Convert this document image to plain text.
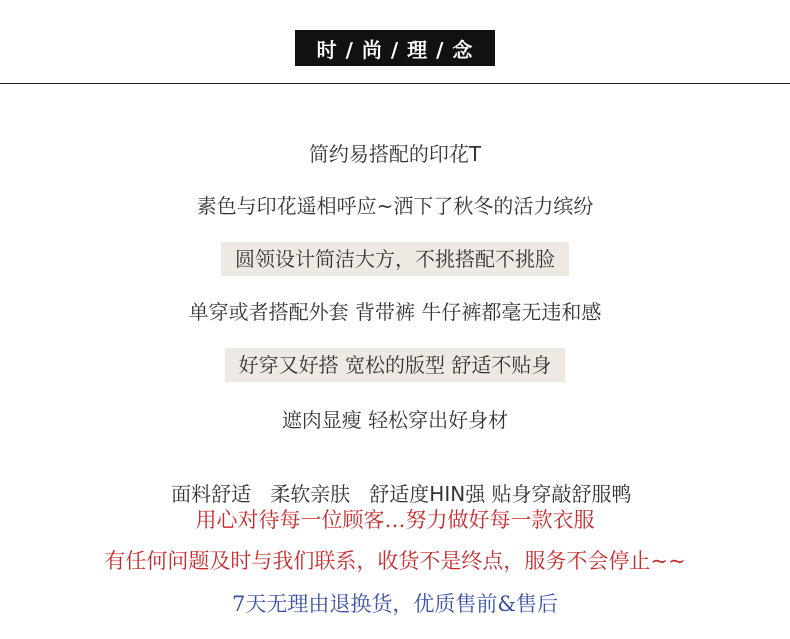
时 / 尚 / 理 / 念
简约易搭配的印花T
素色与印花遥相呼应~洒下了秋冬的活力缤纷
圆领设计简洁大方，不挑搭配不挑脸
单穿或者搭配外套 背带裤 牛仔裤都毫无违和感
好穿又好搭 宽松的版型 舒适不贴身
遮肉显瘦 轻松穿出好身材

面料舒适   柔软亲肤   舒适度HIN强 贴身穿敲舒服鸭

用心对待每一位顾客…努力做好每一款衣服
有任何问题及时与我们联系，收货不是终点，服务不会停止~~
7天无理由退换货，优质售前&售后
